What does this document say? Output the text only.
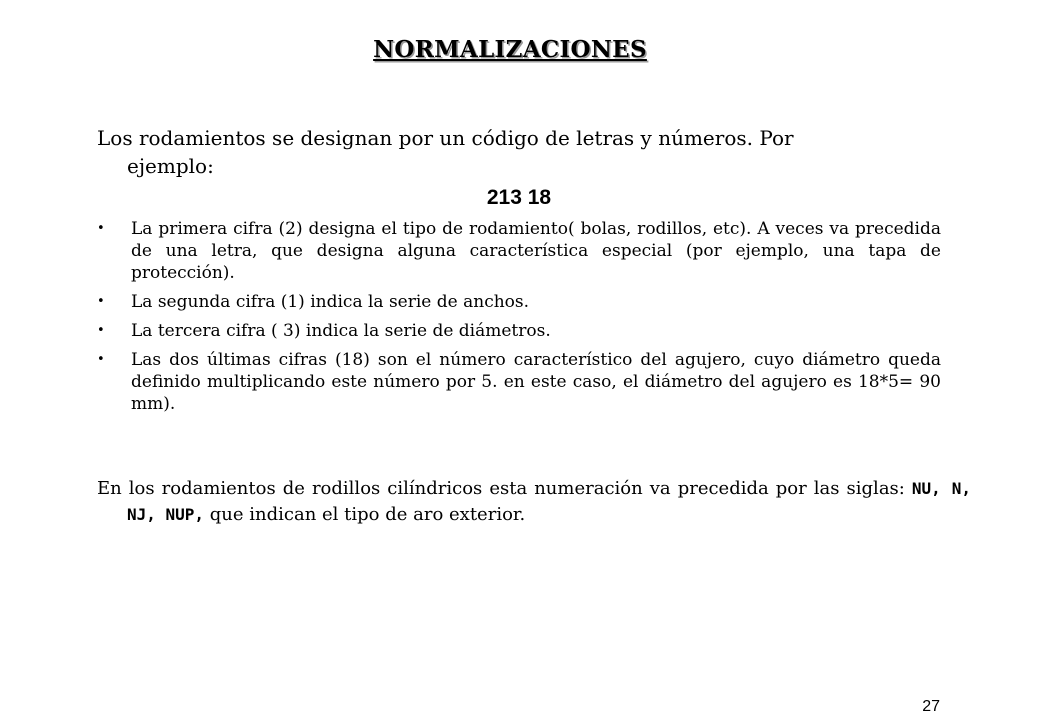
NORMALIZACIONES
Los rodamientos se designan por un código de letras y números. Por ejemplo:
213 18
• La primera cifra (2) designa el tipo de rodamiento( bolas, rodillos, etc). A veces va precedida de una letra, que designa alguna característica especial (por ejemplo, una tapa de protección).
• La segunda cifra (1) indica la serie de anchos.
• La tercera cifra ( 3) indica la serie de diámetros.
• Las dos últimas cifras (18) son el número característico del agujero, cuyo diámetro queda definido multiplicando este número por 5. en este caso, el diámetro del agujero es 18*5= 90 mm).
En los rodamientos de rodillos cilíndricos esta numeración va precedida por las siglas: NU, N, NJ, NUP, que indican el tipo de aro exterior.
27
